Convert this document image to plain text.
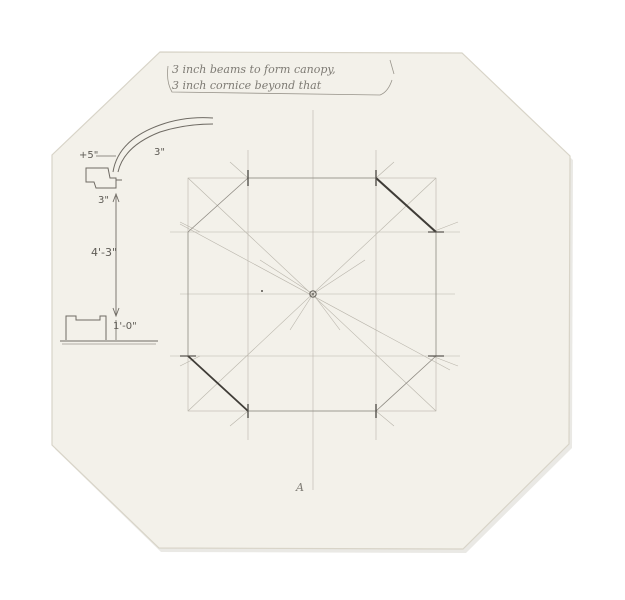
3 inch beams to form canopy,
3 inch cornice beyond that
+5"	3"
3"
4'-3"
1'-0"
A
